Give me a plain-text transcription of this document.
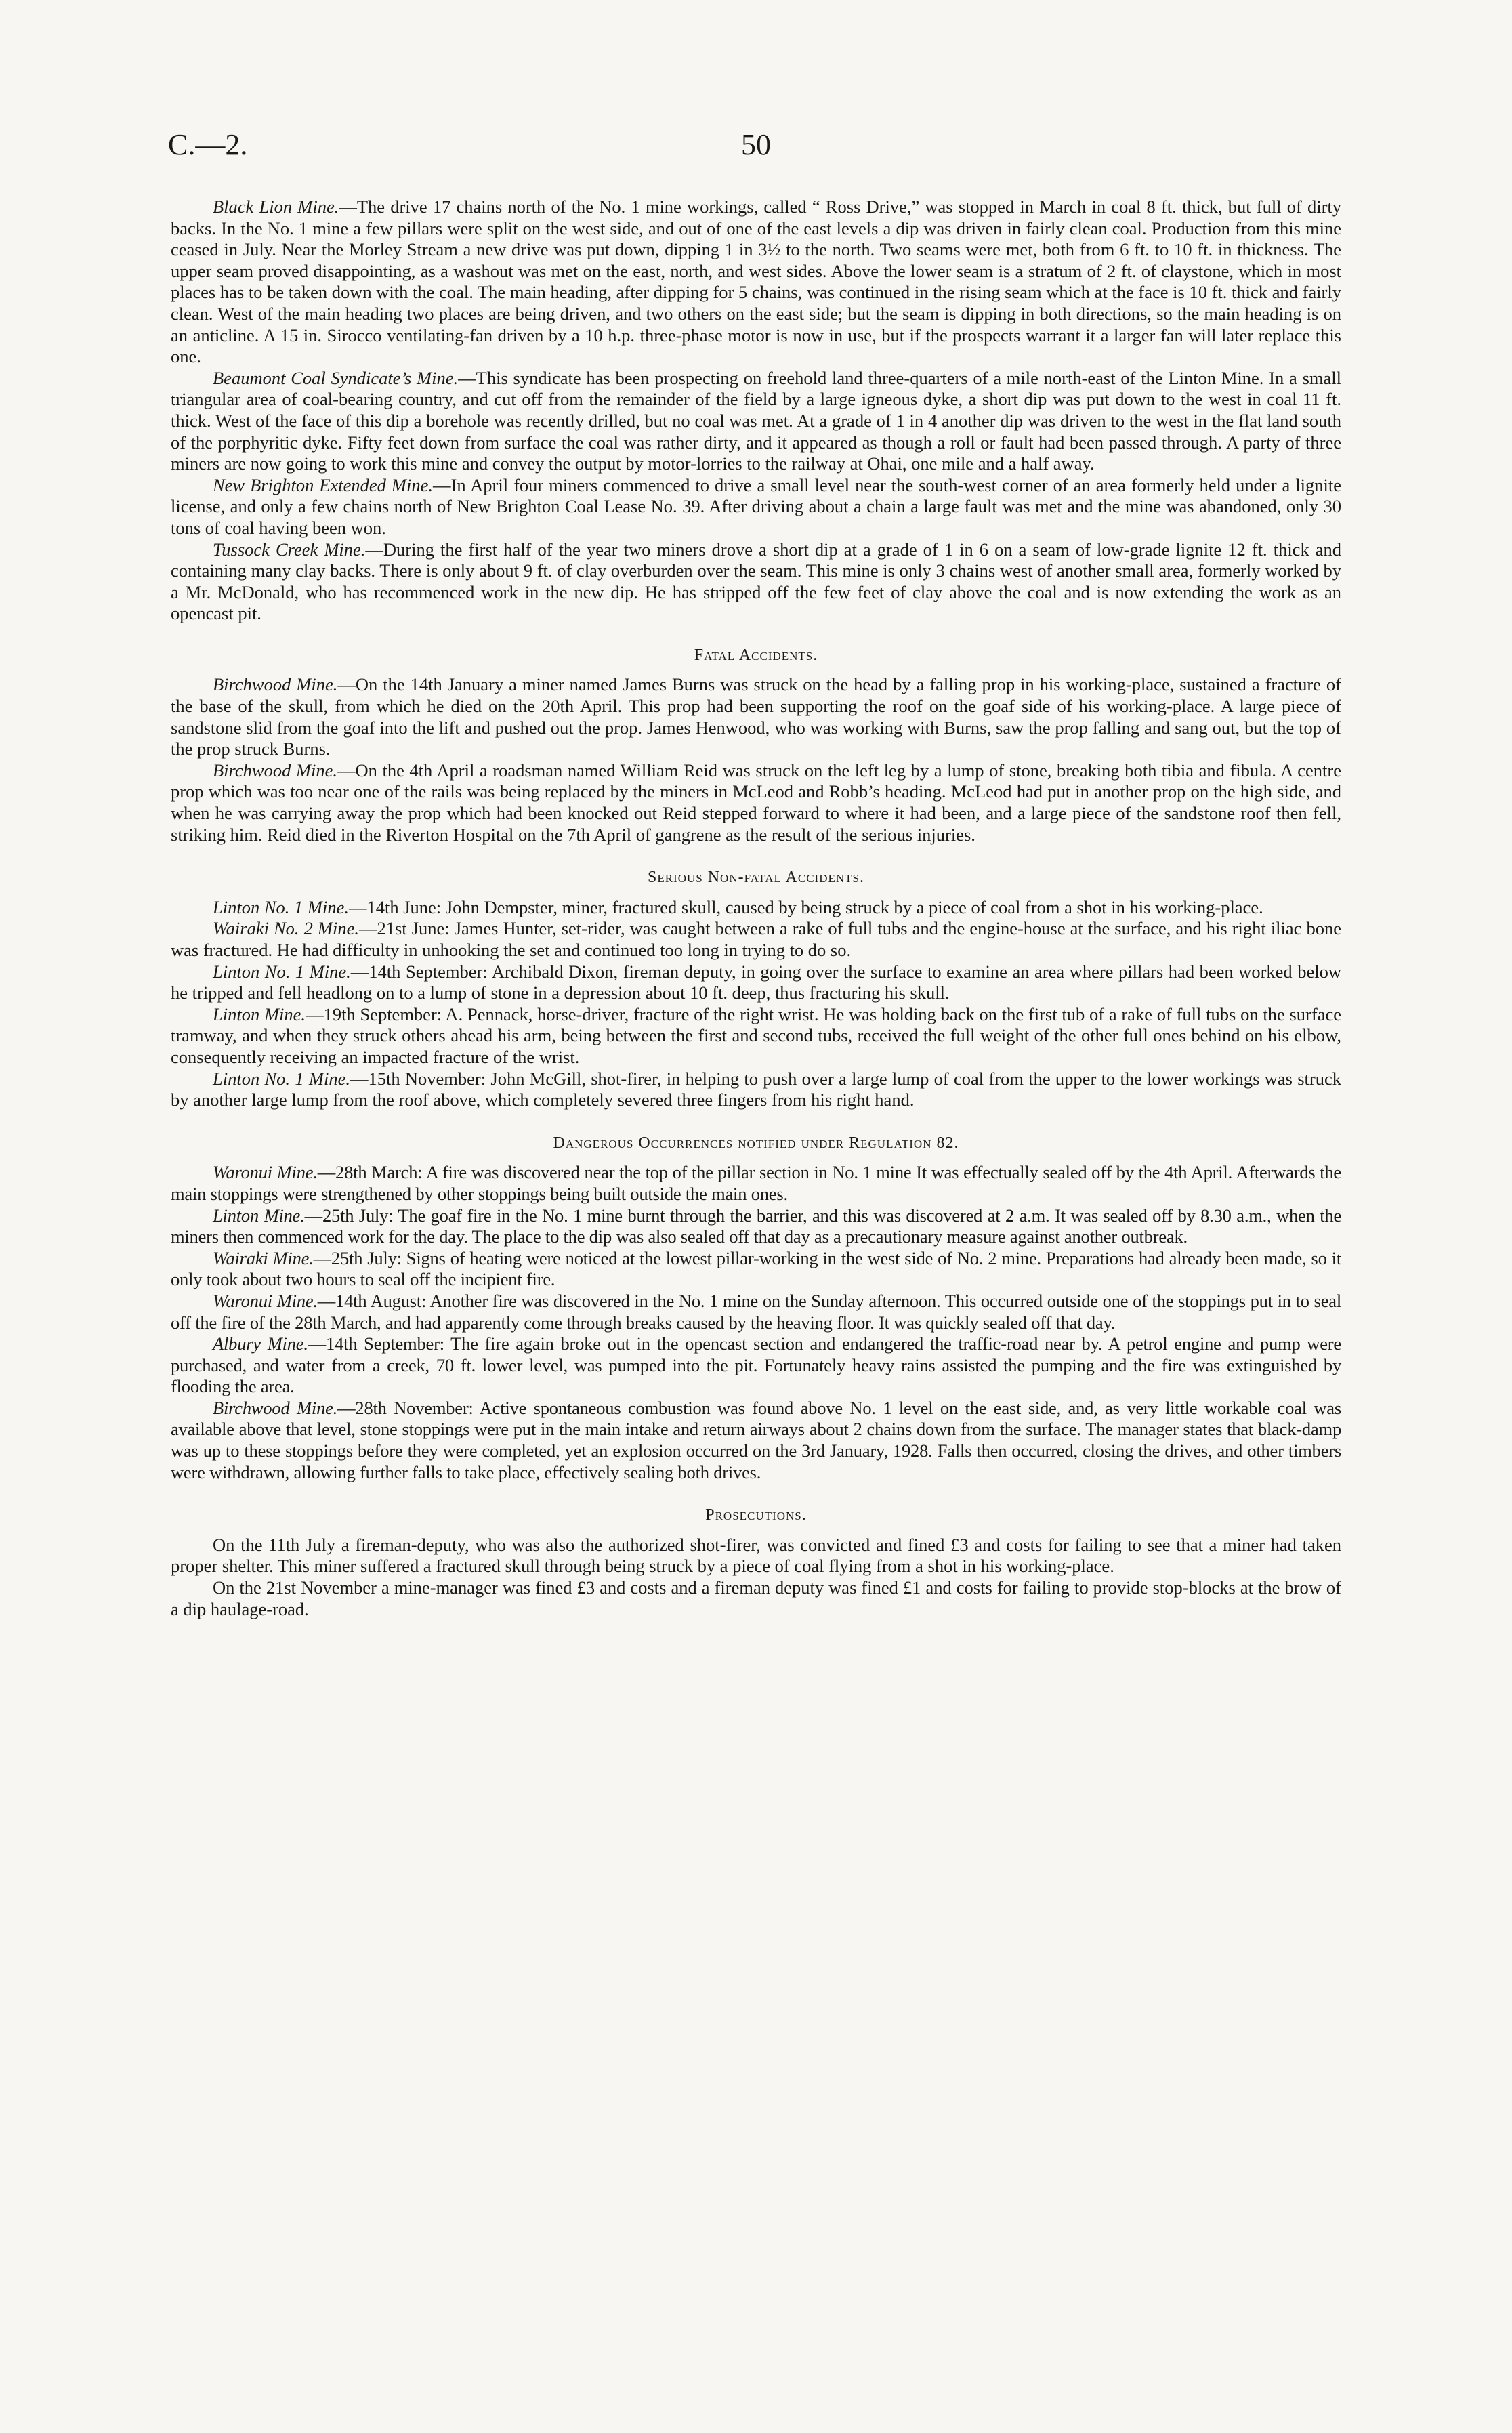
C.—2.	50

Black Lion Mine.—The drive 17 chains north of the No. 1 mine workings, called “ Ross Drive,” was stopped in March in coal 8 ft. thick, but full of dirty backs. In the No. 1 mine a few pillars were split on the west side, and out of one of the east levels a dip was driven in fairly clean coal. Production from this mine ceased in July. Near the Morley Stream a new drive was put down, dipping 1 in 3½ to the north. Two seams were met, both from 6 ft. to 10 ft. in thickness. The upper seam proved disappointing, as a washout was met on the east, north, and west sides. Above the lower seam is a stratum of 2 ft. of claystone, which in most places has to be taken down with the coal. The main heading, after dipping for 5 chains, was continued in the rising seam which at the face is 10 ft. thick and fairly clean. West of the main heading two places are being driven, and two others on the east side; but the seam is dipping in both directions, so the main heading is on an anticline. A 15 in. Sirocco ventilating-fan driven by a 10 h.p. three-phase motor is now in use, but if the prospects warrant it a larger fan will later replace this one.

Beaumont Coal Syndicate’s Mine.—This syndicate has been prospecting on freehold land three-quarters of a mile north-east of the Linton Mine. In a small triangular area of coal-bearing country, and cut off from the remainder of the field by a large igneous dyke, a short dip was put down to the west in coal 11 ft. thick. West of the face of this dip a borehole was recently drilled, but no coal was met. At a grade of 1 in 4 another dip was driven to the west in the flat land south of the porphyritic dyke. Fifty feet down from surface the coal was rather dirty, and it appeared as though a roll or fault had been passed through. A party of three miners are now going to work this mine and convey the output by motor-lorries to the railway at Ohai, one mile and a half away.

New Brighton Extended Mine.—In April four miners commenced to drive a small level near the south-west corner of an area formerly held under a lignite license, and only a few chains north of New Brighton Coal Lease No. 39. After driving about a chain a large fault was met and the mine was abandoned, only 30 tons of coal having been won.

Tussock Creek Mine.—During the first half of the year two miners drove a short dip at a grade of 1 in 6 on a seam of low-grade lignite 12 ft. thick and containing many clay backs. There is only about 9 ft. of clay overburden over the seam. This mine is only 3 chains west of another small area, formerly worked by a Mr. McDonald, who has recommenced work in the new dip. He has stripped off the few feet of clay above the coal and is now extending the work as an opencast pit.

Fatal Accidents.

Birchwood Mine.—On the 14th January a miner named James Burns was struck on the head by a falling prop in his working-place, sustained a fracture of the base of the skull, from which he died on the 20th April. This prop had been supporting the roof on the goaf side of his working-place. A large piece of sandstone slid from the goaf into the lift and pushed out the prop. James Henwood, who was working with Burns, saw the prop falling and sang out, but the top of the prop struck Burns.

Birchwood Mine.—On the 4th April a roadsman named William Reid was struck on the left leg by a lump of stone, breaking both tibia and fibula. A centre prop which was too near one of the rails was being replaced by the miners in McLeod and Robb’s heading. McLeod had put in another prop on the high side, and when he was carrying away the prop which had been knocked out Reid stepped forward to where it had been, and a large piece of the sandstone roof then fell, striking him. Reid died in the Riverton Hospital on the 7th April of gangrene as the result of the serious injuries.

Serious Non-fatal Accidents.

Linton No. 1 Mine.—14th June: John Dempster, miner, fractured skull, caused by being struck by a piece of coal from a shot in his working-place.

Wairaki No. 2 Mine.—21st June: James Hunter, set-rider, was caught between a rake of full tubs and the engine-house at the surface, and his right iliac bone was fractured. He had difficulty in unhooking the set and continued too long in trying to do so.

Linton No. 1 Mine.—14th September: Archibald Dixon, fireman deputy, in going over the surface to examine an area where pillars had been worked below he tripped and fell headlong on to a lump of stone in a depression about 10 ft. deep, thus fracturing his skull.

Linton Mine.—19th September: A. Pennack, horse-driver, fracture of the right wrist. He was holding back on the first tub of a rake of full tubs on the surface tramway, and when they struck others ahead his arm, being between the first and second tubs, received the full weight of the other full ones behind on his elbow, consequently receiving an impacted fracture of the wrist.

Linton No. 1 Mine.—15th November: John McGill, shot-firer, in helping to push over a large lump of coal from the upper to the lower workings was struck by another large lump from the roof above, which completely severed three fingers from his right hand.

Dangerous Occurrences notified under Regulation 82.

Waronui Mine.—28th March: A fire was discovered near the top of the pillar section in No. 1 mine It was effectually sealed off by the 4th April. Afterwards the main stoppings were strengthened by other stoppings being built outside the main ones.

Linton Mine.—25th July: The goaf fire in the No. 1 mine burnt through the barrier, and this was discovered at 2 a.m. It was sealed off by 8.30 a.m., when the miners then commenced work for the day. The place to the dip was also sealed off that day as a precautionary measure against another outbreak.

Wairaki Mine.—25th July: Signs of heating were noticed at the lowest pillar-working in the west side of No. 2 mine. Preparations had already been made, so it only took about two hours to seal off the incipient fire.

Waronui Mine.—14th August: Another fire was discovered in the No. 1 mine on the Sunday afternoon. This occurred outside one of the stoppings put in to seal off the fire of the 28th March, and had apparently come through breaks caused by the heaving floor. It was quickly sealed off that day.

Albury Mine.—14th September: The fire again broke out in the opencast section and endangered the traffic-road near by. A petrol engine and pump were purchased, and water from a creek, 70 ft. lower level, was pumped into the pit. Fortunately heavy rains assisted the pumping and the fire was extinguished by flooding the area.

Birchwood Mine.—28th November: Active spontaneous combustion was found above No. 1 level on the east side, and, as very little workable coal was available above that level, stone stoppings were put in the main intake and return airways about 2 chains down from the surface. The manager states that black-damp was up to these stoppings before they were completed, yet an explosion occurred on the 3rd January, 1928. Falls then occurred, closing the drives, and other timbers were withdrawn, allowing further falls to take place, effectively sealing both drives.

Prosecutions.

On the 11th July a fireman-deputy, who was also the authorized shot-firer, was convicted and fined £3 and costs for failing to see that a miner had taken proper shelter. This miner suffered a fractured skull through being struck by a piece of coal flying from a shot in his working-place.

On the 21st November a mine-manager was fined £3 and costs and a fireman deputy was fined £1 and costs for failing to provide stop-blocks at the brow of a dip haulage-road.
